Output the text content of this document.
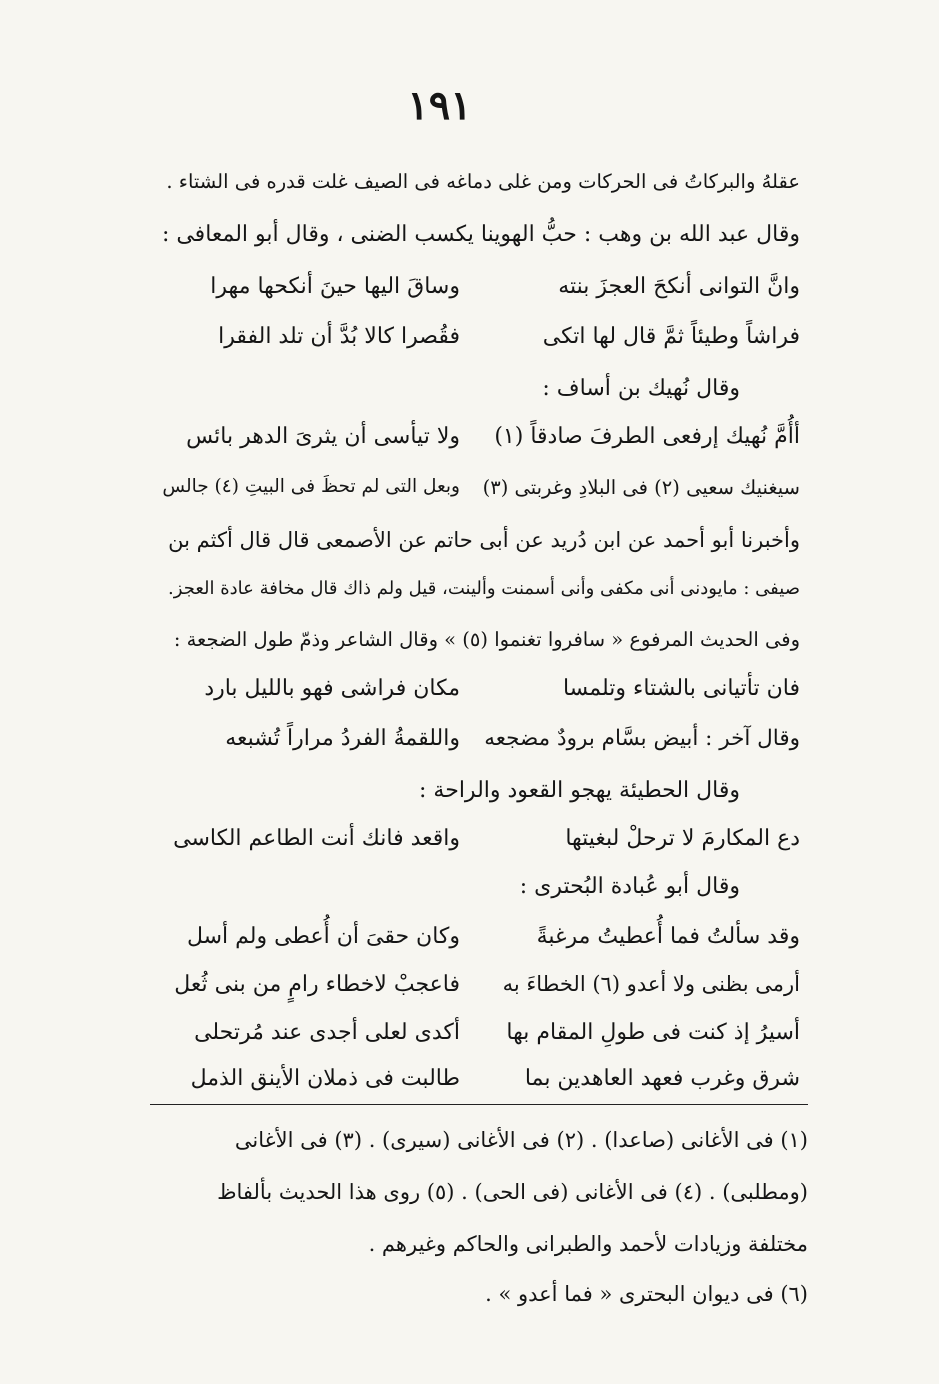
١٩١
عقلهُ والبركاتُ فى الحركات ومن غلى دماغه فى الصيف غلت قدره فى الشتاء .
وقال عبد الله بن وهب : حبُّ الهوينا يكسب الضنى ، وقال أبو المعافى :
وانَّ التوانى أنكحَ العجزَ بنته
وساقَ اليها حينَ أنكحها مهرا
فراشاً وطيئاً ثمَّ قال لها اتكى
فقُصرا كالا بُدَّ أن تلد الفقرا
وقال نُهيك بن أساف :
أأُمَّ نُهيك إرفعى الطرفَ صادقاً (١)
ولا تيأسى أن يثرىَ الدهر بائس
سيغنيك سعيى (٢) فى البلادِ وغربتى (٣)
وبعل التى لم تحظَ فى البيتِ (٤) جالس
وأخبرنا أبو أحمد عن ابن دُريد عن أبى حاتم عن الأصمعى قال قال أكثم بن
صيفى : مايودنى أنى مكفى وأنى أسمنت وألينت، قيل ولم ذاك قال مخافة عادة العجز.
وفى الحديث المرفوع « سافروا تغنموا (٥) » وقال الشاعر وذمّ طول الضجعة :
فان تأتيانى بالشتاء وتلمسا
مكان فراشى فهو بالليل بارد
وقال آخر : أبيض بسَّام برودٌ مضجعه
واللقمةُ الفردُ مراراً تُشبعه
وقال الحطيئة يهجو القعود والراحة :
دع المكارمَ لا ترحلْ لبغيتها
واقعد فانك أنت الطاعم الكاسى
وقال أبو عُبادة البُحترى :
وقد سألتُ فما أُعطيتُ مرغبةً
وكان حقىَ أن أُعطى ولم أسل
أرمى بظنى ولا أعدو (٦) الخطاءَ به
فاعجبْ لاخطاء رامٍ من بنى ثُعل
أسيرُ إذ كنت فى طولِ المقام بها
أكدى لعلى أجدى عند مُرتحلى
شرق وغرب فعهد العاهدين بما
طالبت فى ذملان الأينق الذمل
(١) فى الأغانى (صاعدا) . (٢) فى الأغانى (سيرى) . (٣) فى الأغانى
(ومطلبى) . (٤) فى الأغانى (فى الحى) . (٥) روى هذا الحديث بألفاظ
مختلفة وزيادات لأحمد والطبرانى والحاكم وغيرهم .
(٦) فى ديوان البحترى « فما أعدو » .
